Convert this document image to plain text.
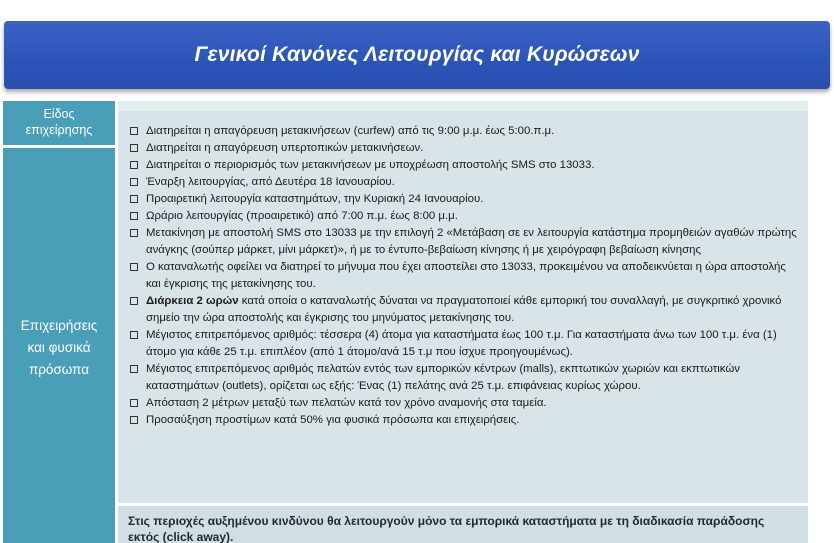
Γενικοί Κανόνες Λειτουργίας και Κυρώσεων
Είδος
επιχείρησης
Επιχειρήσεις
και φυσικά
πρόσωπα
Στις περιοχές αυξημένου κινδύνου θα λειτουργούν μόνο τα εμπορικά καταστήματα με τη διαδικασία παράδοσης εκτός (click away).
Διατηρείται η απαγόρευση μετακινήσεων (curfew) από τις 9:00 μ.μ. έως 5:00.π.μ.
Διατηρείται η απαγόρευση υπερτοπικών μετακινήσεων.
Διατηρείται ο περιορισμός των μετακινήσεων με υποχρέωση αποστολής SMS στο 13033.
Έναρξη λειτουργίας, από Δευτέρα 18 Ιανουαρίου.
Προαιρετική λειτουργία καταστημάτων, την Κυριακή 24 Ιανουαρίου.
Ωράριο λειτουργίας (προαιρετικό) από 7:00 π.μ. έως 8:00 μ.μ.
Μετακίνηση με αποστολή SMS στο 13033 με την επιλογή 2 «Μετάβαση σε εν λειτουργία κατάστημα προμηθειών αγαθών πρώτης ανάγκης (σούπερ μάρκετ, μίνι μάρκετ)», ή με το έντυπο-βεβαίωση κίνησης ή με χειρόγραφη βεβαίωση κίνησης
Ο καταναλωτής οφείλει να διατηρεί το μήνυμα που έχει αποστείλει στο 13033, προκειμένου να αποδεικνύεται η ώρα αποστολής και έγκρισης της μετακίνησης του.
Διάρκεια 2 ωρών κατά οποία ο καταναλωτής δύναται να πραγματοποιεί κάθε εμπορική του συναλλαγή, με συγκριτικό χρονικό σημείο την ώρα αποστολής και έγκρισης του μηνύματος μετακίνησης του.
Μέγιστος επιτρεπόμενος αριθμός: τέσσερα (4) άτομα για καταστήματα έως 100 τ.μ. Για καταστήματα άνω των 100 τ.μ. ένα (1) άτομο για κάθε 25 τ.μ. επιπλέον (από 1 άτομο/ανά 15 τ.μ που ίσχυε προηγουμένως).
Μέγιστος επιτρεπόμενος αριθμός πελατών εντός των εμπορικών κέντρων (malls), εκπτωτικών χωριών και εκπτωτικών καταστημάτων (outlets), ορίζεται ως εξής: Ένας (1) πελάτης ανά 25 τ.μ. επιφάνειας κυρίως χώρου.
Απόσταση 2 μέτρων μεταξύ των πελατών κατά τον χρόνο αναμονής στα ταμεία.
Προσαύξηση προστίμων κατά 50% για φυσικά πρόσωπα και επιχειρήσεις.
